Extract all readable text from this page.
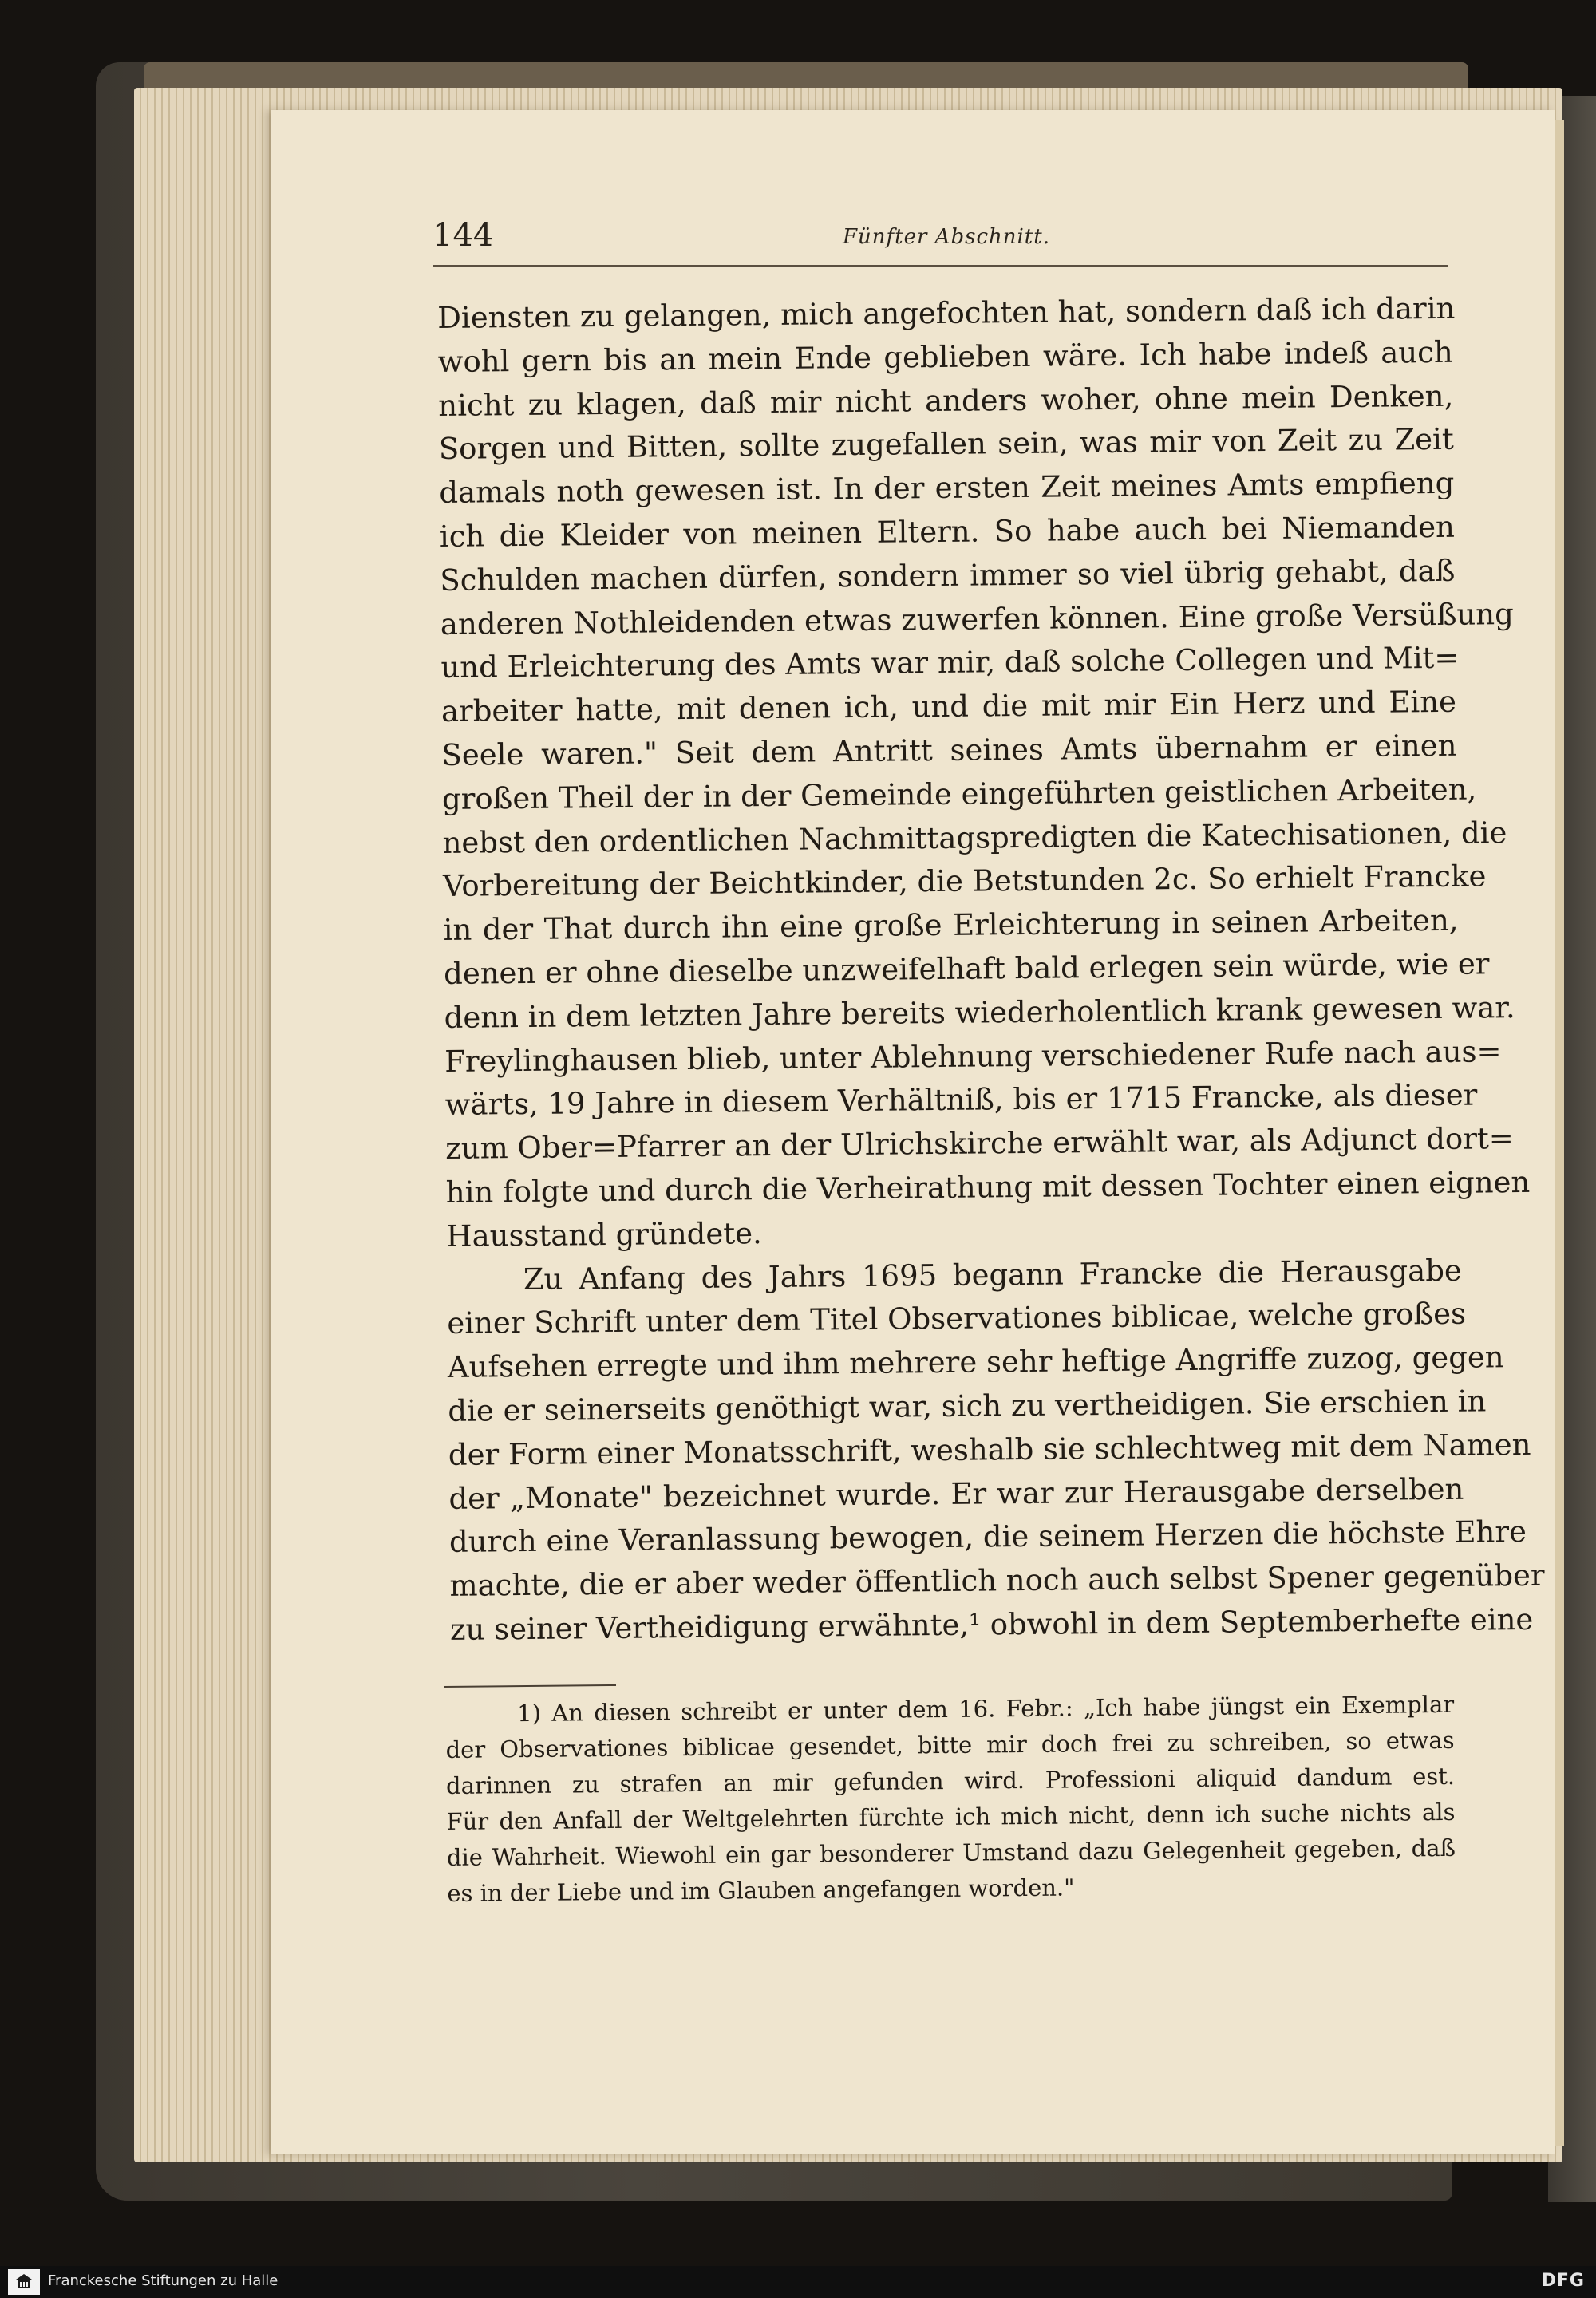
144	Fünfter Abschnitt.
Diensten zu gelangen, mich angefochten hat, sondern daß ich darin
wohl gern bis an mein Ende geblieben wäre. Ich habe indeß auch
nicht zu klagen, daß mir nicht anders woher, ohne mein Denken,
Sorgen und Bitten, sollte zugefallen sein, was mir von Zeit zu Zeit
damals noth gewesen ist. In der ersten Zeit meines Amts empfieng
ich die Kleider von meinen Eltern. So habe auch bei Niemanden
Schulden machen dürfen, sondern immer so viel übrig gehabt, daß
anderen Nothleidenden etwas zuwerfen können. Eine große Versüßung
und Erleichterung des Amts war mir, daß solche Collegen und Mit=
arbeiter hatte, mit denen ich, und die mit mir Ein Herz und Eine
Seele waren." Seit dem Antritt seines Amts übernahm er einen
großen Theil der in der Gemeinde eingeführten geistlichen Arbeiten,
nebst den ordentlichen Nachmittagspredigten die Katechisationen, die
Vorbereitung der Beichtkinder, die Betstunden 2c. So erhielt Francke
in der That durch ihn eine große Erleichterung in seinen Arbeiten,
denen er ohne dieselbe unzweifelhaft bald erlegen sein würde, wie er
denn in dem letzten Jahre bereits wiederholentlich krank gewesen war.
Freylinghausen blieb, unter Ablehnung verschiedener Rufe nach aus=
wärts, 19 Jahre in diesem Verhältniß, bis er 1715 Francke, als dieser
zum Ober=Pfarrer an der Ulrichskirche erwählt war, als Adjunct dort=
hin folgte und durch die Verheirathung mit dessen Tochter einen eignen
Hausstand gründete.
Zu Anfang des Jahrs 1695 begann Francke die Herausgabe
einer Schrift unter dem Titel Observationes biblicae, welche großes
Aufsehen erregte und ihm mehrere sehr heftige Angriffe zuzog, gegen
die er seinerseits genöthigt war, sich zu vertheidigen. Sie erschien in
der Form einer Monatsschrift, weshalb sie schlechtweg mit dem Namen
der „Monate" bezeichnet wurde. Er war zur Herausgabe derselben
durch eine Veranlassung bewogen, die seinem Herzen die höchste Ehre
machte, die er aber weder öffentlich noch auch selbst Spener gegenüber
zu seiner Vertheidigung erwähnte,¹ obwohl in dem Septemberhefte eine
1) An diesen schreibt er unter dem 16. Febr.: „Ich habe jüngst ein Exemplar
der Observationes biblicae gesendet, bitte mir doch frei zu schreiben, so etwas
darinnen zu strafen an mir gefunden wird. Professioni aliquid dandum est.
Für den Anfall der Weltgelehrten fürchte ich mich nicht, denn ich suche nichts als
die Wahrheit. Wiewohl ein gar besonderer Umstand dazu Gelegenheit gegeben, daß
es in der Liebe und im Glauben angefangen worden."
Franckesche Stiftungen zu Halle	DFG
